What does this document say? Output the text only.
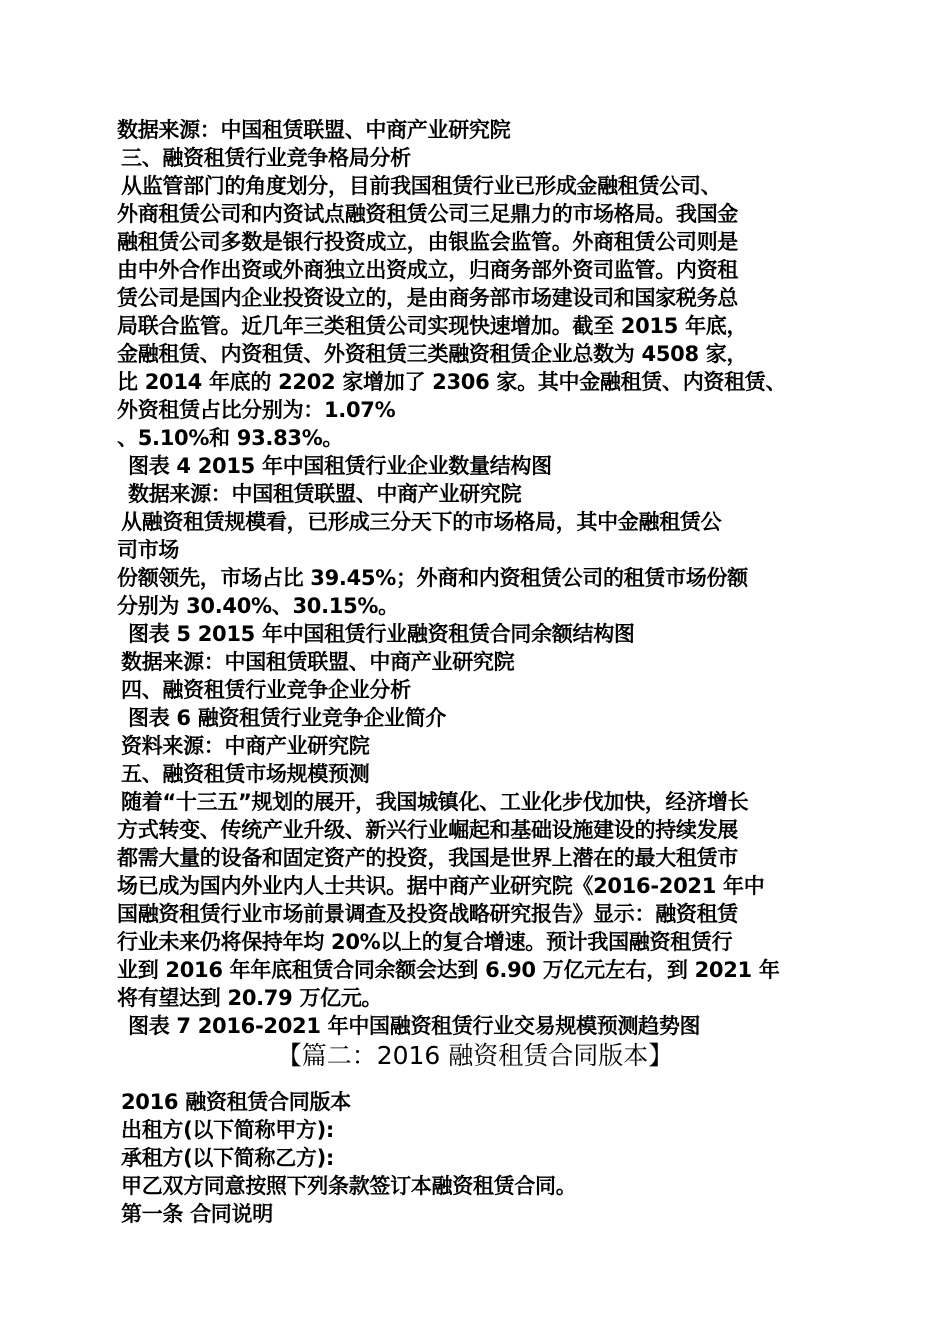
数据来源：中国租赁联盟、中商产业研究院
三、融资租赁行业竞争格局分析
从监管部门的角度划分，目前我国租赁行业已形成金融租赁公司、
外商租赁公司和内资试点融资租赁公司三足鼎力的市场格局。我国金
融租赁公司多数是银行投资成立，由银监会监管。外商租赁公司则是
由中外合作出资或外商独立出资成立，归商务部外资司监管。内资租
赁公司是国内企业投资设立的，是由商务部市场建设司和国家税务总
局联合监管。近几年三类租赁公司实现快速增加。截至 2015 年底，
金融租赁、内资租赁、外资租赁三类融资租赁企业总数为 4508 家，
比 2014 年底的 2202 家增加了 2306 家。其中金融租赁、内资租赁、
外资租赁占比分别为：1.07%
、5.10%和 93.83%。
图表 4 2015 年中国租赁行业企业数量结构图
数据来源：中国租赁联盟、中商产业研究院
从融资租赁规模看，已形成三分天下的市场格局，其中金融租赁公
司市场
份额领先，市场占比 39.45%；外商和内资租赁公司的租赁市场份额
分别为 30.40%、30.15%。
图表 5 2015 年中国租赁行业融资租赁合同余额结构图
数据来源：中国租赁联盟、中商产业研究院
四、融资租赁行业竞争企业分析
图表 6 融资租赁行业竞争企业简介
资料来源：中商产业研究院
五、融资租赁市场规模预测
随着“十三五”规划的展开，我国城镇化、工业化步伐加快，经济增长
方式转变、传统产业升级、新兴行业崛起和基础设施建设的持续发展
都需大量的设备和固定资产的投资，我国是世界上潜在的最大租赁市
场已成为国内外业内人士共识。据中商产业研究院《2016-2021 年中
国融资租赁行业市场前景调查及投资战略研究报告》显示：融资租赁
行业未来仍将保持年均 20%以上的复合增速。预计我国融资租赁行
业到 2016 年年底租赁合同余额会达到 6.90 万亿元左右，到 2021 年
将有望达到 20.79 万亿元。
图表 7 2016-2021 年中国融资租赁行业交易规模预测趋势图
【篇二：2016 融资租赁合同版本】
2016 融资租赁合同版本
出租方(以下简称甲方):
承租方(以下简称乙方):
甲乙双方同意按照下列条款签订本融资租赁合同。
第一条 合同说明
